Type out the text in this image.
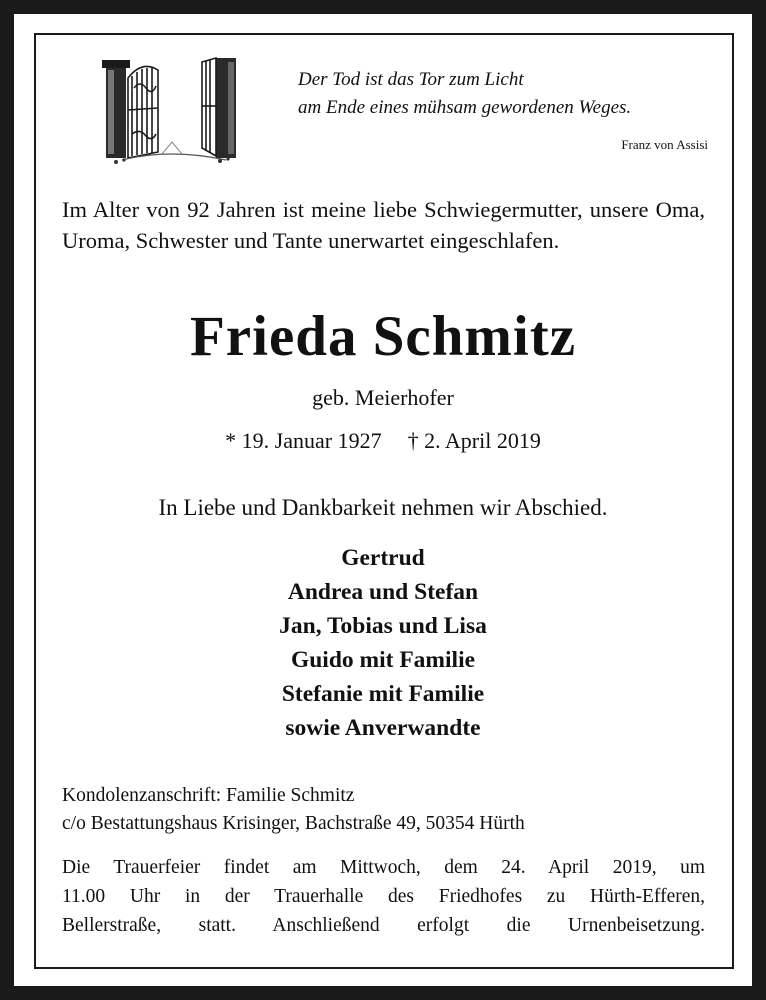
Der Tod ist das Tor zum Licht
am Ende eines mühsam gewordenen Weges.
Franz von Assisi
Im Alter von 92 Jahren ist meine liebe Schwiegermutter, unsere Oma, Uroma, Schwester und Tante unerwartet eingeschlafen.
Frieda Schmitz
geb. Meierhofer
* 19. Januar 1927 † 2. April 2019
In Liebe und Dankbarkeit nehmen wir Abschied.
Gertrud
Andrea und Stefan
Jan, Tobias und Lisa
Guido mit Familie
Stefanie mit Familie
sowie Anverwandte
Kondolenzanschrift: Familie Schmitz
c/o Bestattungshaus Krisinger, Bachstraße 49, 50354 Hürth
Die Trauerfeier findet am Mittwoch, dem 24. April 2019, um
11.00 Uhr in der Trauerhalle des Friedhofes zu Hürth-Efferen,
Bellerstraße, statt. Anschließend erfolgt die Urnenbeisetzung.
